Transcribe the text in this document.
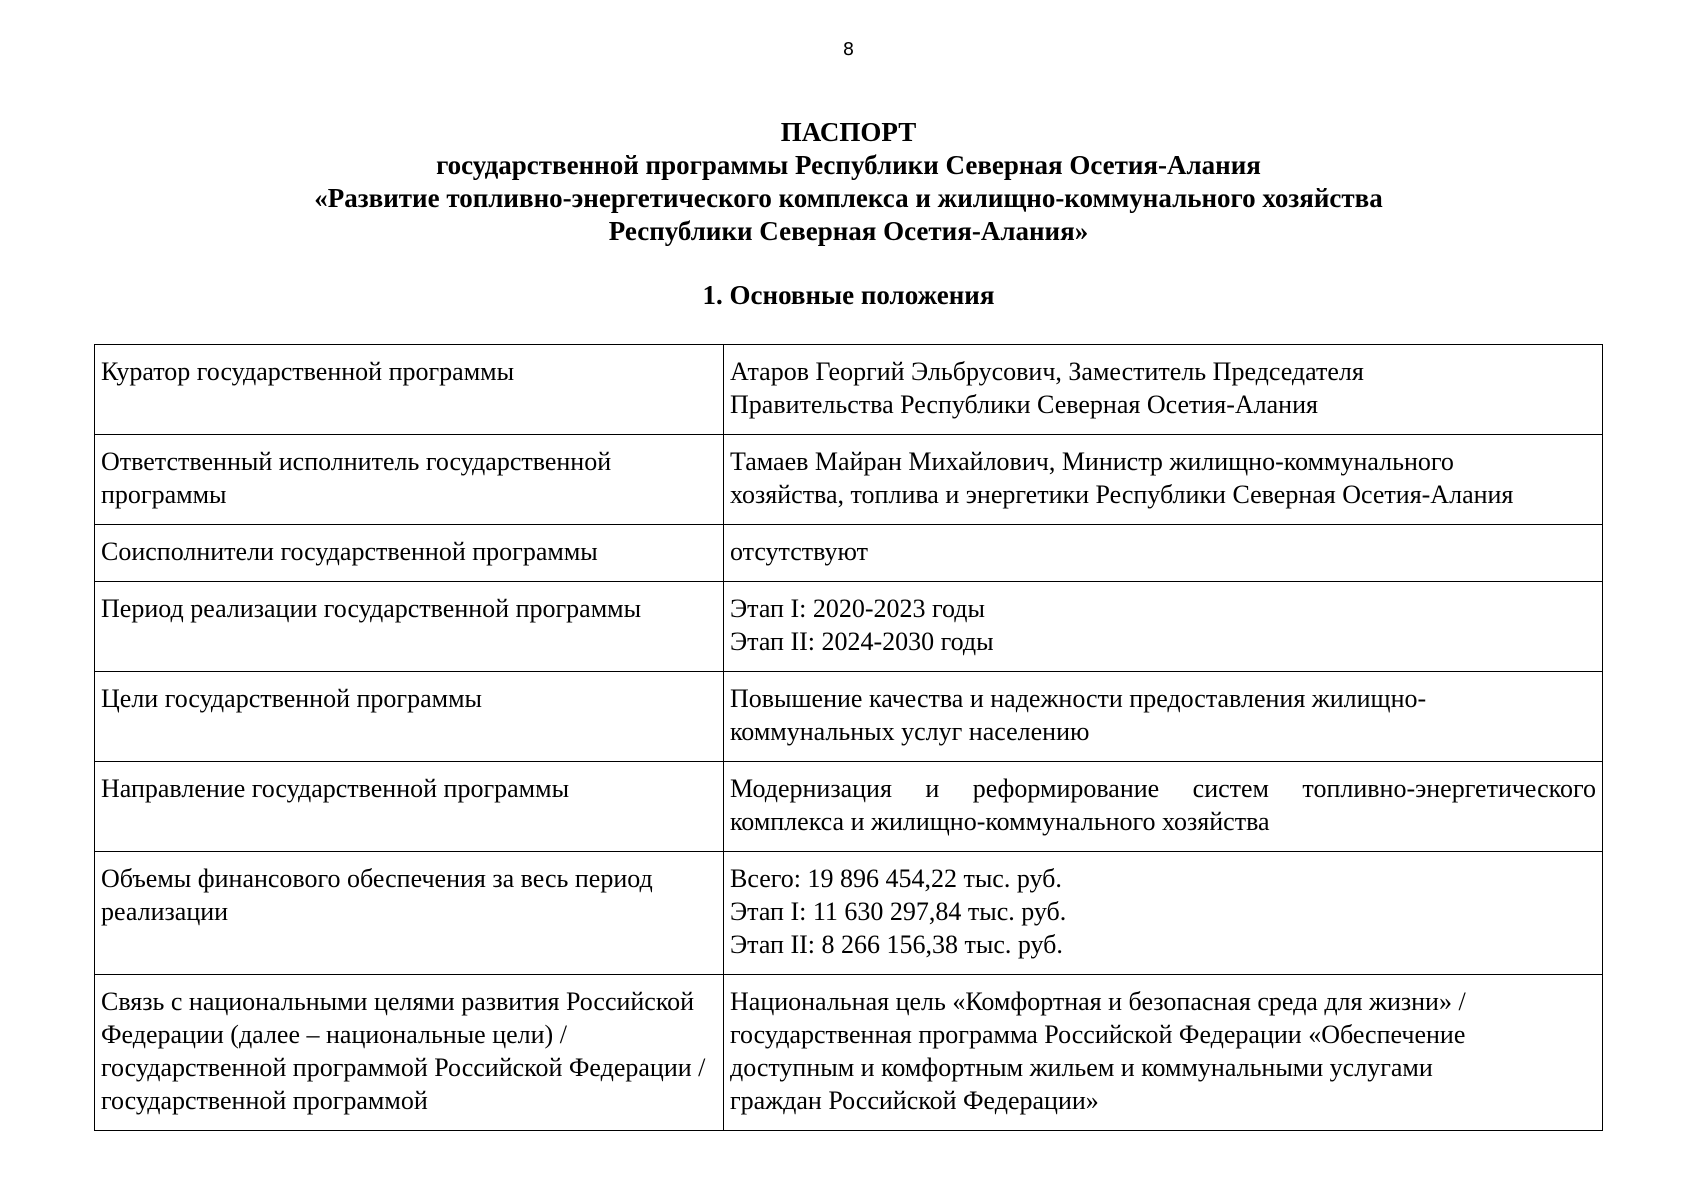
8
ПАСПОРТ
государственной программы Республики Северная Осетия-Алания
«Развитие топливно-энергетического комплекса и жилищно-коммунального хозяйства
Республики Северная Осетия-Алания»
1. Основные положения
Куратор государственной программы	Атаров Георгий Эльбрусович, Заместитель Председателя
Правительства Республики Северная Осетия-Алания

Ответственный исполнитель государственной программы	Тамаев Майран Михайлович, Министр жилищно-коммунального
хозяйства, топлива и энергетики Республики Северная Осетия-Алания

Соисполнители государственной программы	отсутствуют

Период реализации государственной программы	Этап I: 2020-2023 годы
Этап II: 2024-2030 годы

Цели государственной программы	Повышение качества и надежности предоставления жилищно-
коммунальных услуг населению

Направление государственной программы	Модернизация и реформирование систем топливно-энергетического комплекса и жилищно-коммунального хозяйства
Объемы финансового обеспечения за весь период реализации	Всего: 19 896 454,22 тыс. руб.
Этап I: 11 630 297,84 тыс. руб.
Этап II: 8 266 156,38 тыс. руб.

Связь с национальными целями развития Российской Федерации (далее – национальные цели) / государственной программой Российской Федерации / государственной программой	Национальная цель «Комфортная и безопасная среда для жизни» /
государственная программа Российской Федерации «Обеспечение
доступным и комфортным жильем и коммунальными услугами
граждан Российской Федерации»
